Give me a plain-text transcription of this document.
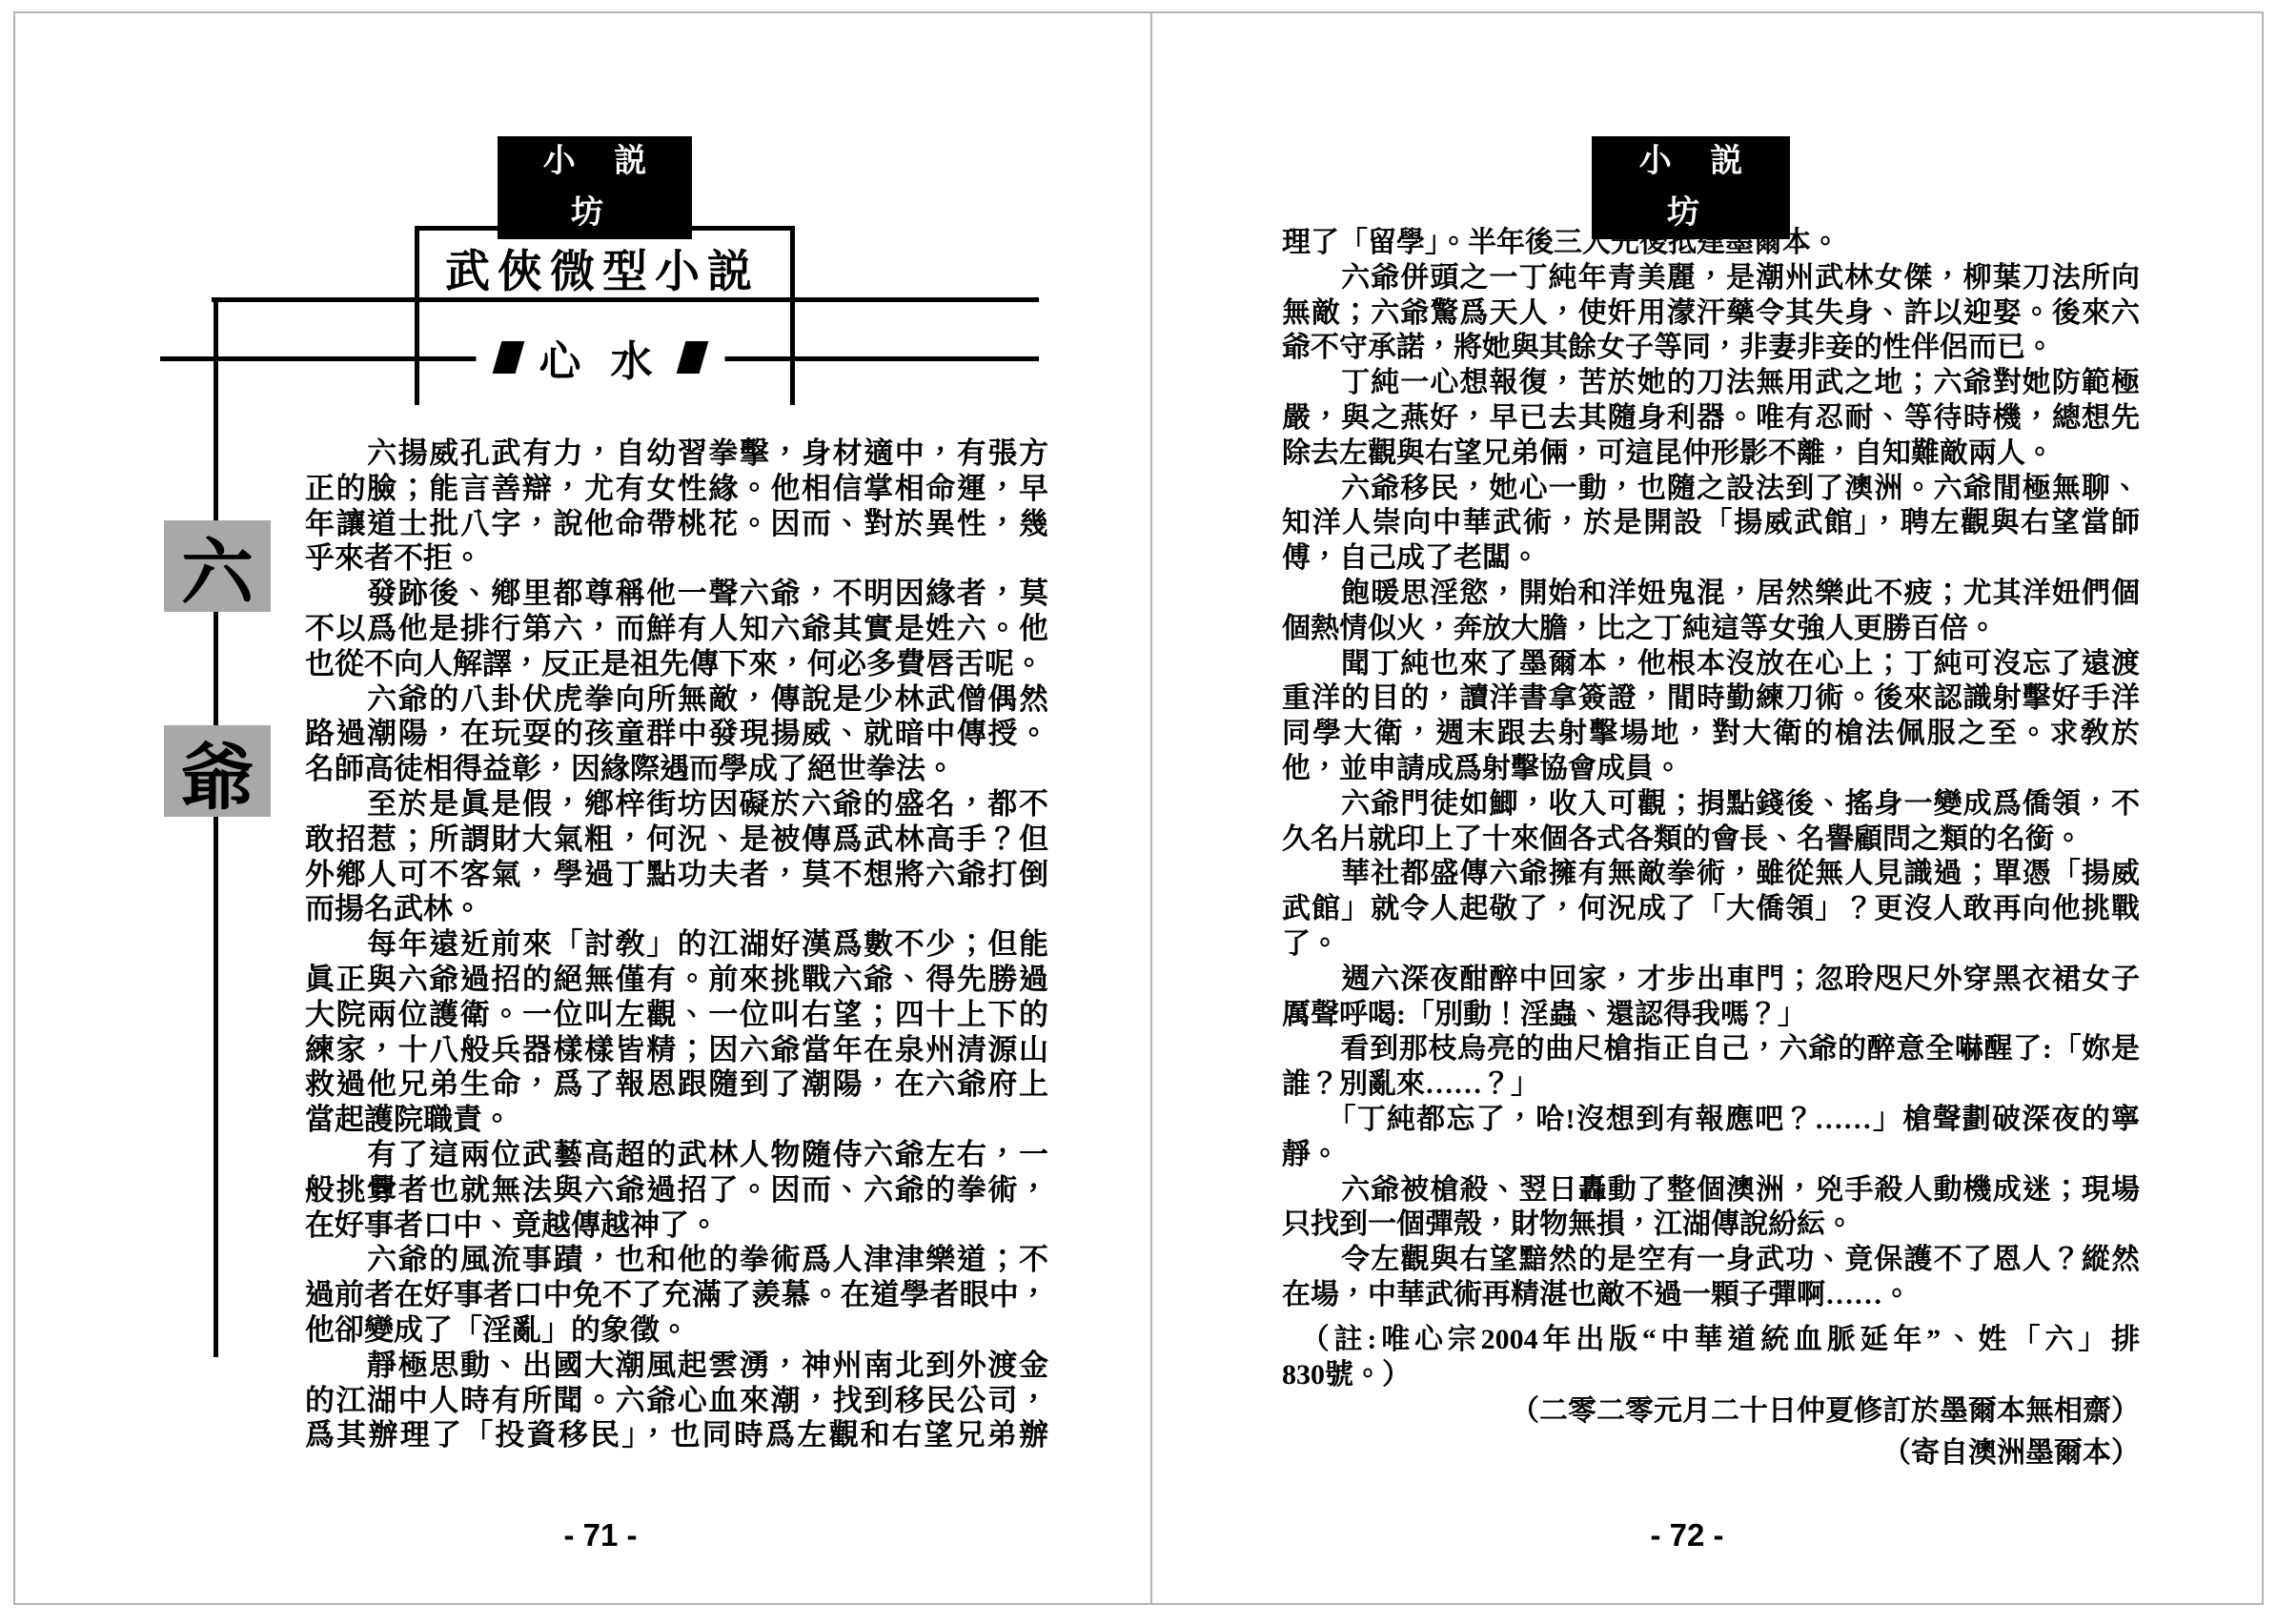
小 説 坊
武俠微型小説
心 水
六
爺
　　六揚威孔武有力，自幼習拳擊，身材適中，有張方
正的臉；能言善辯，尤有女性緣。他相信掌相命運，早
年讓道士批八字，說他命帶桃花。因而、對於異性，幾
乎來者不拒。
　　發跡後、鄕里都尊稱他一聲六爺，不明因緣者，莫
不以爲他是排行第六，而鮮有人知六爺其實是姓六。他
也從不向人解譯，反正是祖先傳下來，何必多費唇舌呢。
　　六爺的八卦伏虎拳向所無敵，傳說是少林武僧偶然
路過潮陽，在玩耍的孩童群中發現揚威、就暗中傳授。
名師高徒相得益彰，因緣際遇而學成了絕世拳法。
　　至於是眞是假，鄕梓街坊因礙於六爺的盛名，都不
敢招惹；所謂財大氣粗，何況、是被傳爲武林高手？但
外鄕人可不客氣，學過丁點功夫者，莫不想將六爺打倒
而揚名武林。
　　每年遠近前來「討敎」的江湖好漢爲數不少；但能
眞正與六爺過招的絕無僅有。前來挑戰六爺、得先勝過
大院兩位護衛。一位叫左觀、一位叫右望；四十上下的
練家，十八般兵器樣樣皆精；因六爺當年在泉州清源山
救過他兄弟生命，爲了報恩跟隨到了潮陽，在六爺府上
當起護院職責。
　　有了這兩位武藝高超的武林人物隨侍六爺左右，一
般挑釁者也就無法與六爺過招了。因而、六爺的拳術，
在好事者口中、竟越傳越神了。
　　六爺的風流事蹟，也和他的拳術爲人津津樂道；不
過前者在好事者口中免不了充滿了羨慕。在道學者眼中，
他卻變成了「淫亂」的象徵。
　　靜極思動、出國大潮風起雲湧，神州南北到外渡金
的江湖中人時有所聞。六爺心血來潮，找到移民公司，
爲其辦理了「投資移民」，也同時爲左觀和右望兄弟辦
- 71 -
小 説 坊
理了「留學」。半年後三人先後抵達墨爾本。
　　六爺併頭之一丁純年青美麗，是潮州武林女傑，柳葉刀法所向
無敵；六爺驚爲天人，使奸用濛汗藥令其失身、許以迎娶。後來六
爺不守承諾，將她與其餘女子等同，非妻非妾的性伴侶而已。
　　丁純一心想報復，苦於她的刀法無用武之地；六爺對她防範極
嚴，與之燕好，早已去其隨身利器。唯有忍耐、等待時機，總想先
除去左觀與右望兄弟倆，可這昆仲形影不離，自知難敵兩人。
　　六爺移民，她心一動，也隨之設法到了澳洲。六爺閒極無聊、
知洋人崇向中華武術，於是開設「揚威武館」，聘左觀與右望當師
傅，自己成了老闆。
　　飽暖思淫慾，開始和洋妞鬼混，居然樂此不疲；尤其洋妞們個
個熱情似火，奔放大膽，比之丁純這等女強人更勝百倍。
　　聞丁純也來了墨爾本，他根本沒放在心上；丁純可沒忘了遠渡
重洋的目的，讀洋書拿簽證，閒時勤練刀術。後來認識射擊好手洋
同學大衛，週末跟去射擊場地，對大衛的槍法佩服之至。求敎於
他，並申請成爲射擊協會成員。
　　六爺門徒如鯽，收入可觀；捐點錢後、搖身一變成爲僑領，不
久名片就印上了十來個各式各類的會長、名譽顧問之類的名銜。
　　華社都盛傳六爺擁有無敵拳術，雖從無人見識過；單憑「揚威
武館」就令人起敬了，何況成了「大僑領」？更沒人敢再向他挑戰
了。
　　週六深夜酣醉中回家，才步出車門；忽聆咫尺外穿黑衣裙女子
厲聲呼喝:「別動！淫蟲、還認得我嗎？」
　　看到那枝烏亮的曲尺槍指正自己，六爺的醉意全嚇醒了:「妳是
誰？別亂來……？」
　　「丁純都忘了，哈!沒想到有報應吧？……」槍聲劃破深夜的寧
靜。
　　六爺被槍殺、翌日轟動了整個澳洲，兇手殺人動機成迷；現場
只找到一個彈殼，財物無損，江湖傳說紛紜。
　　令左觀與右望黯然的是空有一身武功、竟保護不了恩人？縱然
在場，中華武術再精湛也敵不過一顆子彈啊……。
　（註:唯心宗2004年出版“中華道統血脈延年”、姓「六」排
830號。）
（二零二零元月二十日仲夏修訂於墨爾本無相齋）
（寄自澳洲墨爾本）
- 72 -
